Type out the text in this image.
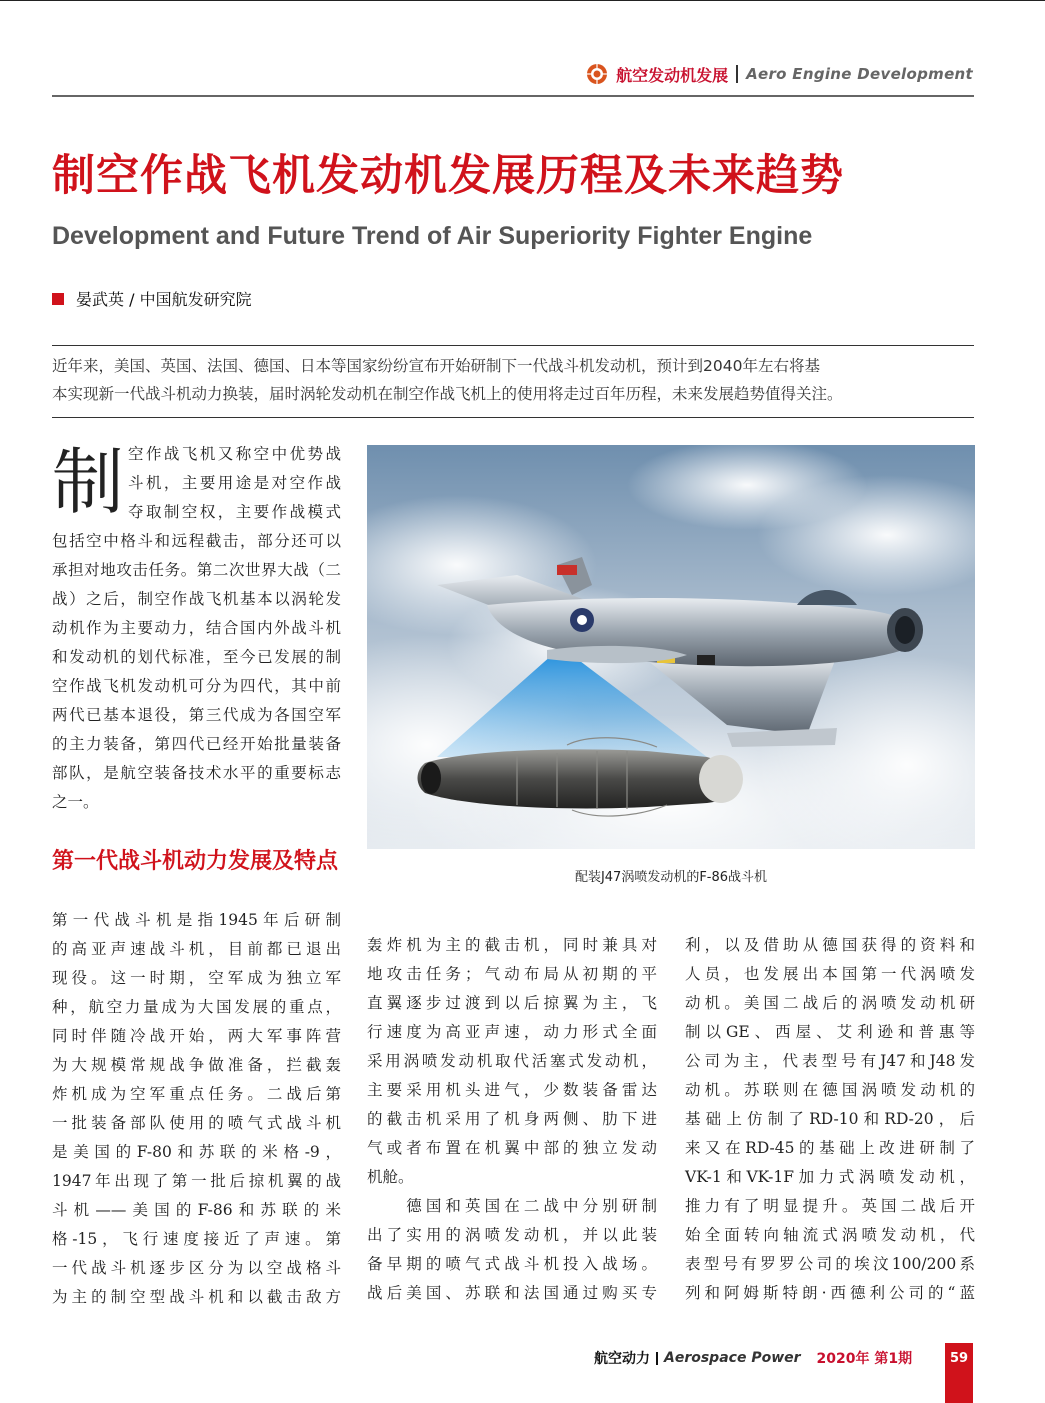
航空发动机发展 Aero Engine Development
制空作战飞机发动机发展历程及未来趋势
Development and Future Trend of Air Superiority Fighter Engine
晏武英 / 中国航发研究院

近年来，美国、英国、法国、德国、日本等国家纷纷宣布开始研制下一代战斗机发动机，预计到2040年左右将基

本实现新一代战斗机动力换装，届时涡轮发动机在制空作战飞机上的使用将走过百年历程，未来发展趋势值得关注。

制 空作战飞机又称空中优势战

斗机，主要用途是对空作战

夺取制空权，主要作战模式

包括空中格斗和远程截击，部分还可以

承担对地攻击任务。第二次世界大战（二

战）之后，制空作战飞机基本以涡轮发

动机作为主要动力，结合国内外战斗机

和发动机的划代标准，至今已发展的制

空作战飞机发动机可分为四代，其中前

两代已基本退役，第三代成为各国空军

的主力装备，第四代已经开始批量装备

部队，是航空装备技术水平的重要标志

之一。

第一代战斗机动力发展及特点

第一代战斗机是指1945年后研制

的高亚声速战斗机，目前都已退出

现役。这一时期，空军成为独立军

种，航空力量成为大国发展的重点，

同时伴随冷战开始，两大军事阵营

为大规模常规战争做准备，拦截轰

炸机成为空军重点任务。二战后第

一批装备部队使用的喷气式战斗机

是美国的F-80和苏联的米格-9，

1947年出现了第一批后掠机翼的战

斗机——美国的F-86和苏联的米

格-15，飞行速度接近了声速。第

一代战斗机逐步区分为以空战格斗

为主的制空型战斗机和以截击敌方

轰炸机为主的截击机，同时兼具对

地攻击任务；气动布局从初期的平

直翼逐步过渡到以后掠翼为主，飞

行速度为高亚声速，动力形式全面

采用涡喷发动机取代活塞式发动机，

主要采用机头进气，少数装备雷达

的截击机采用了机身两侧、肋下进

气或者布置在机翼中部的独立发动

机舱。

　　德国和英国在二战中分别研制

出了实用的涡喷发动机，并以此装

备早期的喷气式战斗机投入战场。

战后美国、苏联和法国通过购买专

利，以及借助从德国获得的资料和

人员，也发展出本国第一代涡喷发

动机。美国二战后的涡喷发动机研

制以GE、西屋、艾利逊和普惠等

公司为主，代表型号有J47和J48发

动机。苏联则在德国涡喷发动机的

基础上仿制了RD-10和RD-20，后

来又在RD-45的基础上改进研制了

VK-1和VK-1F加力式涡喷发动机，

推力有了明显提升。英国二战后开

始全面转向轴流式涡喷发动机，代

表型号有罗罗公司的埃汶100/200系

列和阿姆斯特朗·西德利公司的“蓝

配装J47涡喷发动机的F-86战斗机
航空动力 Aerospace Power 2020年 第1期	59
